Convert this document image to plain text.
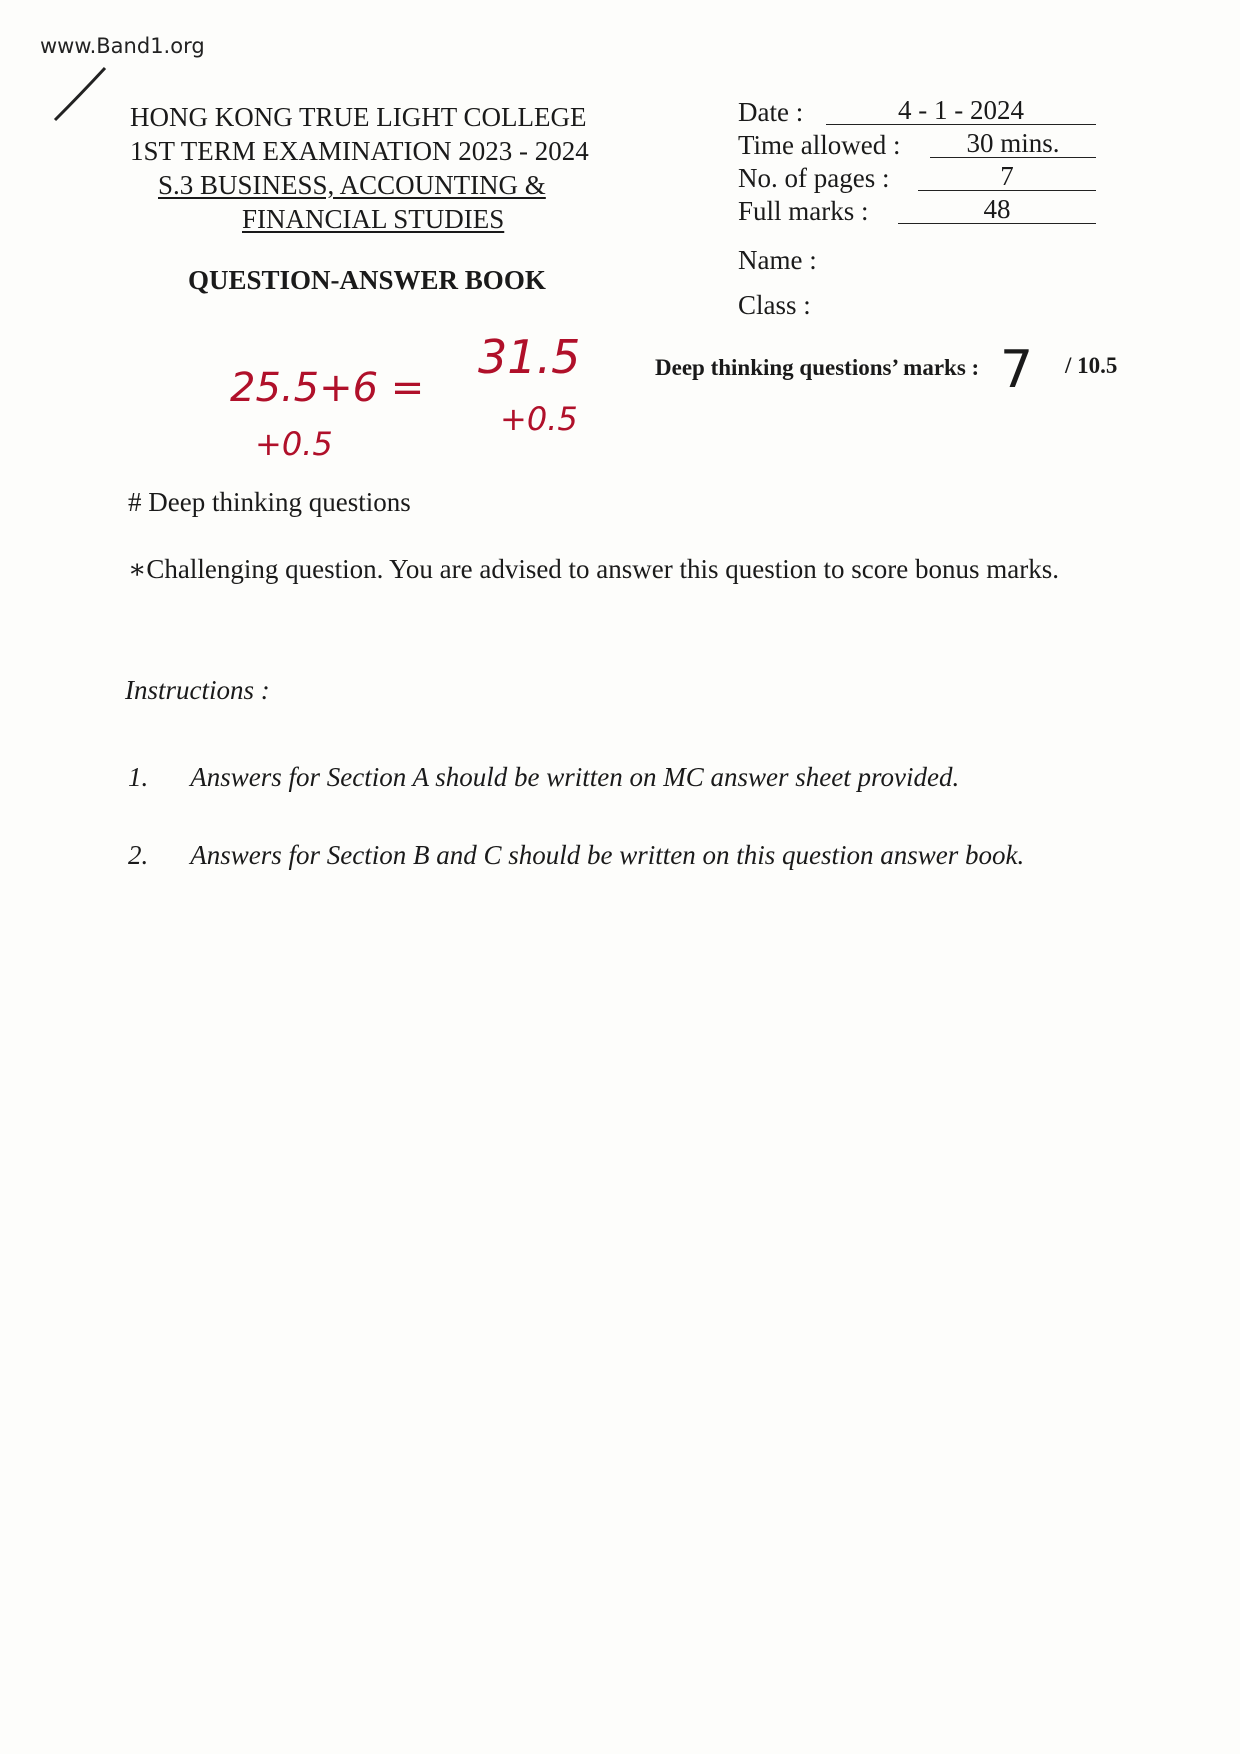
www.Band1.org
HONG KONG TRUE LIGHT COLLEGE
1ST TERM EXAMINATION 2023 - 2024
S.3 BUSINESS, ACCOUNTING &
FINANCIAL STUDIES
Date :	4 - 1 - 2024
Time allowed :	30 mins.
No. of pages :	7
Full marks :	48
Name :
Class :
QUESTION-ANSWER BOOK
Deep thinking questions’ marks : 7 / 10.5
25.5+6 =
31.5
+0.5
+0.5
# Deep thinking questions
∗Challenging question. You are advised to answer this question to score bonus marks.
Instructions :
1. Answers for Section A should be written on MC answer sheet provided.
2. Answers for Section B and C should be written on this question answer book.
